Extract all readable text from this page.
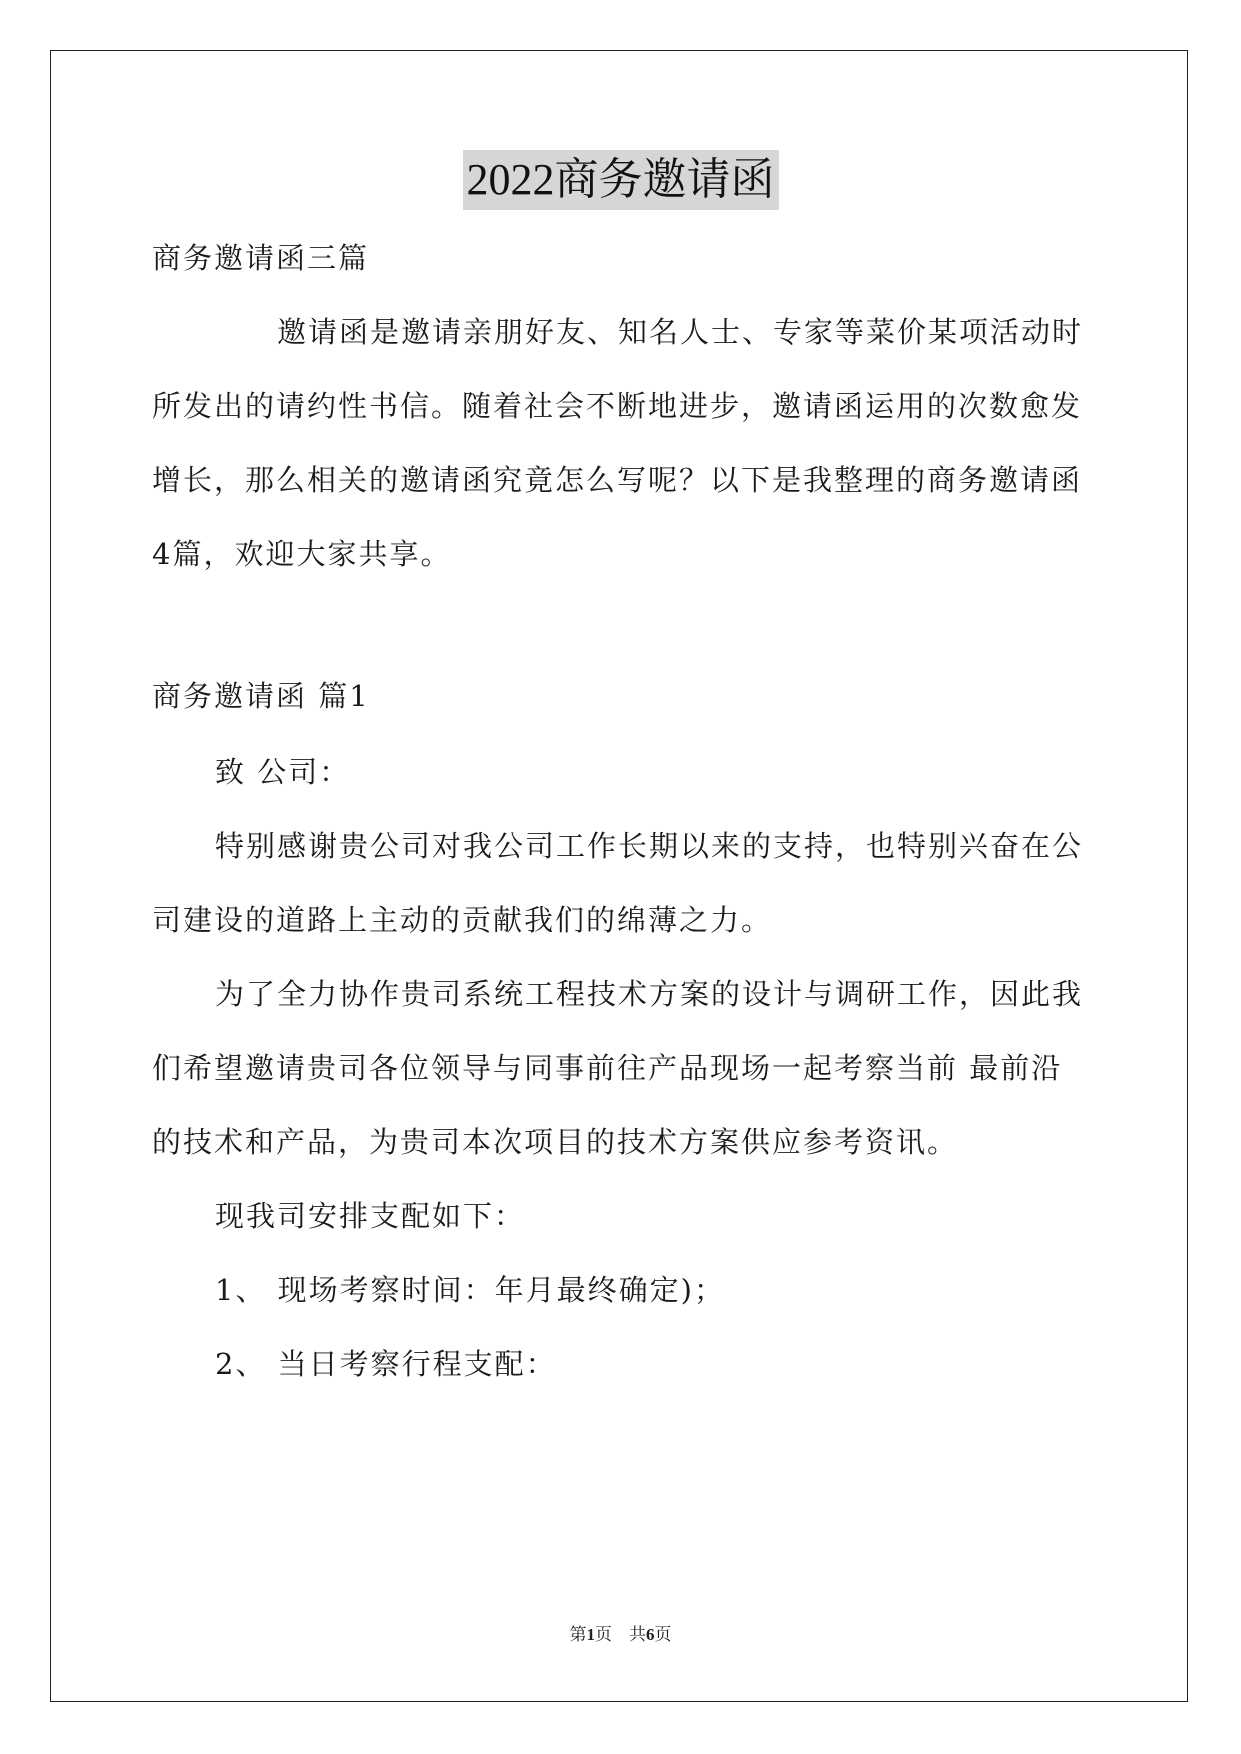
2022商务邀请函
商务邀请函三篇
邀请函是邀请亲朋好友、知名人士、专家等菜价某项活动时
所发出的请约性书信。随着社会不断地进步，邀请函运用的次数愈发
增长，那么相关的邀请函究竟怎么写呢？以下是我整理的商务邀请函
4篇，欢迎大家共享。
商务邀请函 篇1
致 公司：
特别感谢贵公司对我公司工作长期以来的支持，也特别兴奋在公
司建设的道路上主动的贡献我们的绵薄之力。
为了全力协作贵司系统工程技术方案的设计与调研工作，因此我
们希望邀请贵司各位领导与同事前往产品现场一起考察当前 最前沿
的技术和产品，为贵司本次项目的技术方案供应参考资讯。
现我司安排支配如下：
1、 现场考察时间：年月最终确定)；
2、 当日考察行程支配：
第1页　共6页
